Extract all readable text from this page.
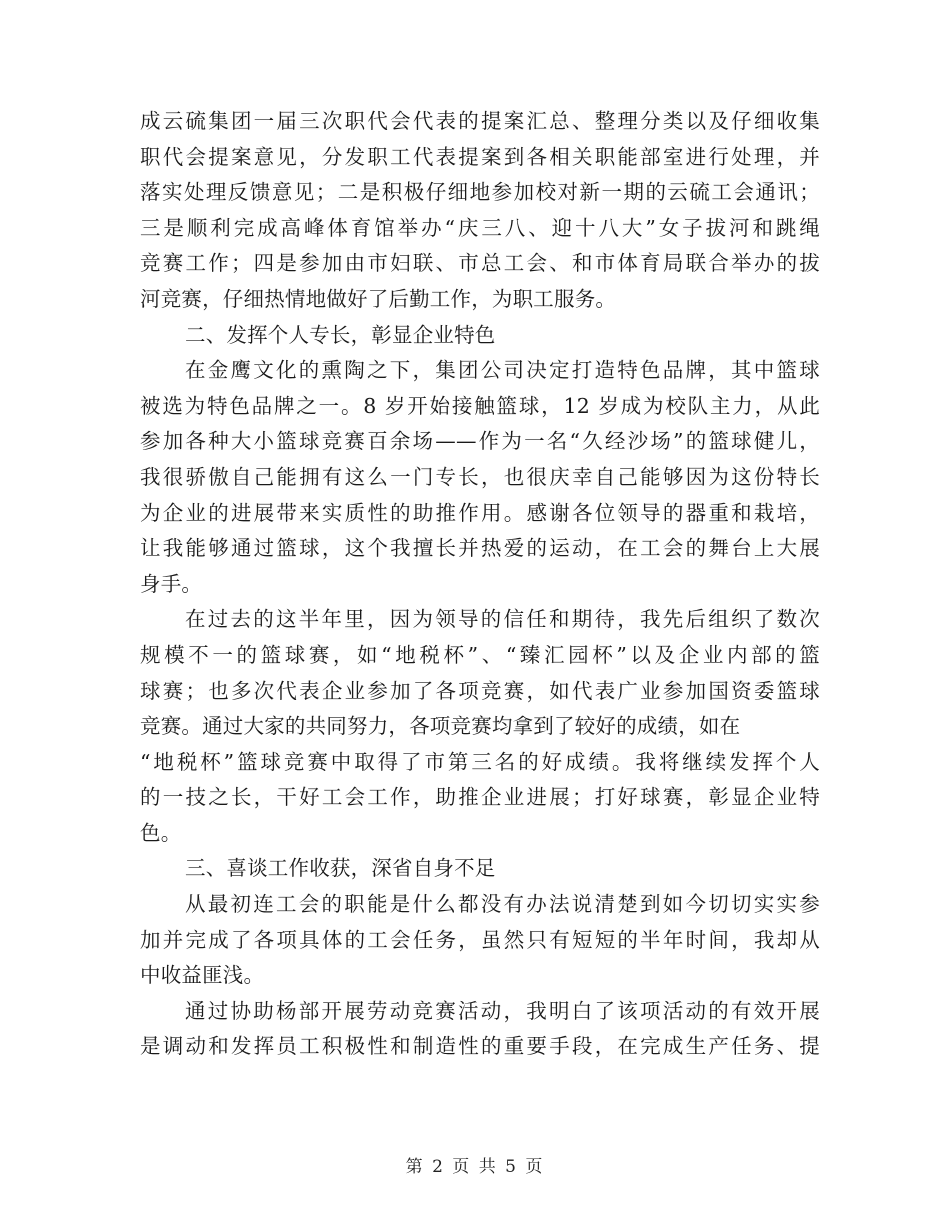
成云硫集团一届三次职代会代表的提案汇总、整理分类以及仔细收集
职代会提案意见，分发职工代表提案到各相关职能部室进行处理，并
落实处理反馈意见；二是积极仔细地参加校对新一期的云硫工会通讯；
三是顺利完成高峰体育馆举办“庆三八、迎十八大”女子拔河和跳绳
竞赛工作；四是参加由市妇联、市总工会、和市体育局联合举办的拔
河竞赛，仔细热情地做好了后勤工作，为职工服务。
二、发挥个人专长，彰显企业特色
在金鹰文化的熏陶之下，集团公司决定打造特色品牌，其中篮球
被选为特色品牌之一。8 岁开始接触篮球，12 岁成为校队主力，从此
参加各种大小篮球竞赛百余场——作为一名“久经沙场”的篮球健儿，
我很骄傲自己能拥有这么一门专长，也很庆幸自己能够因为这份特长
为企业的进展带来实质性的助推作用。感谢各位领导的器重和栽培，
让我能够通过篮球，这个我擅长并热爱的运动，在工会的舞台上大展
身手。
在过去的这半年里，因为领导的信任和期待，我先后组织了数次
规模不一的篮球赛，如“地税杯”、“臻汇园杯”以及企业内部的篮
球赛；也多次代表企业参加了各项竞赛，如代表广业参加国资委篮球
竞赛。通过大家的共同努力，各项竞赛均拿到了较好的成绩，如在
“地税杯”篮球竞赛中取得了市第三名的好成绩。我将继续发挥个人
的一技之长，干好工会工作，助推企业进展；打好球赛，彰显企业特
色。
三、喜谈工作收获，深省自身不足
从最初连工会的职能是什么都没有办法说清楚到如今切切实实参
加并完成了各项具体的工会任务，虽然只有短短的半年时间，我却从
中收益匪浅。
通过协助杨部开展劳动竞赛活动，我明白了该项活动的有效开展
是调动和发挥员工积极性和制造性的重要手段，在完成生产任务、提
第 2 页 共 5 页
